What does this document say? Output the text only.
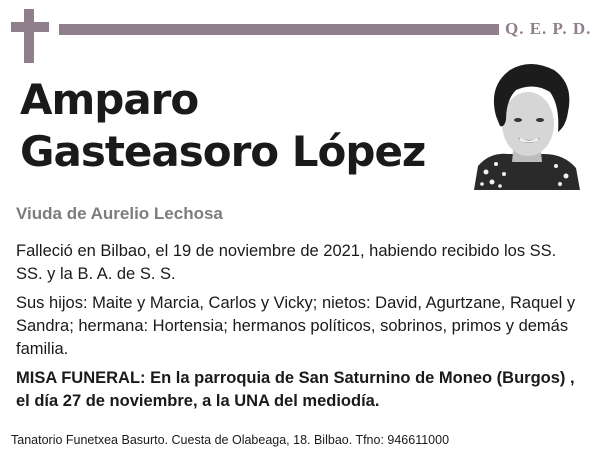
Q. E. P. D.
Amparo
Gasteasoro López
Viuda de Aurelio Lechosa

Falleció en Bilbao, el 19 de noviembre de 2021, habiendo recibido los SS. SS. y la B. A. de S. S.

Sus hijos: Maite y Marcia, Carlos y Vicky; nietos: David, Agurtzane, Raquel y Sandra; hermana: Hortensia; hermanos políticos, sobrinos, primos y demás familia.

MISA FUNERAL: En la parroquia de San Saturnino de Moneo (Burgos) , el día 27 de noviembre, a la UNA del mediodía.

Tanatorio Funetxea Basurto. Cuesta de Olabeaga, 18. Bilbao. Tfno: 946611000
